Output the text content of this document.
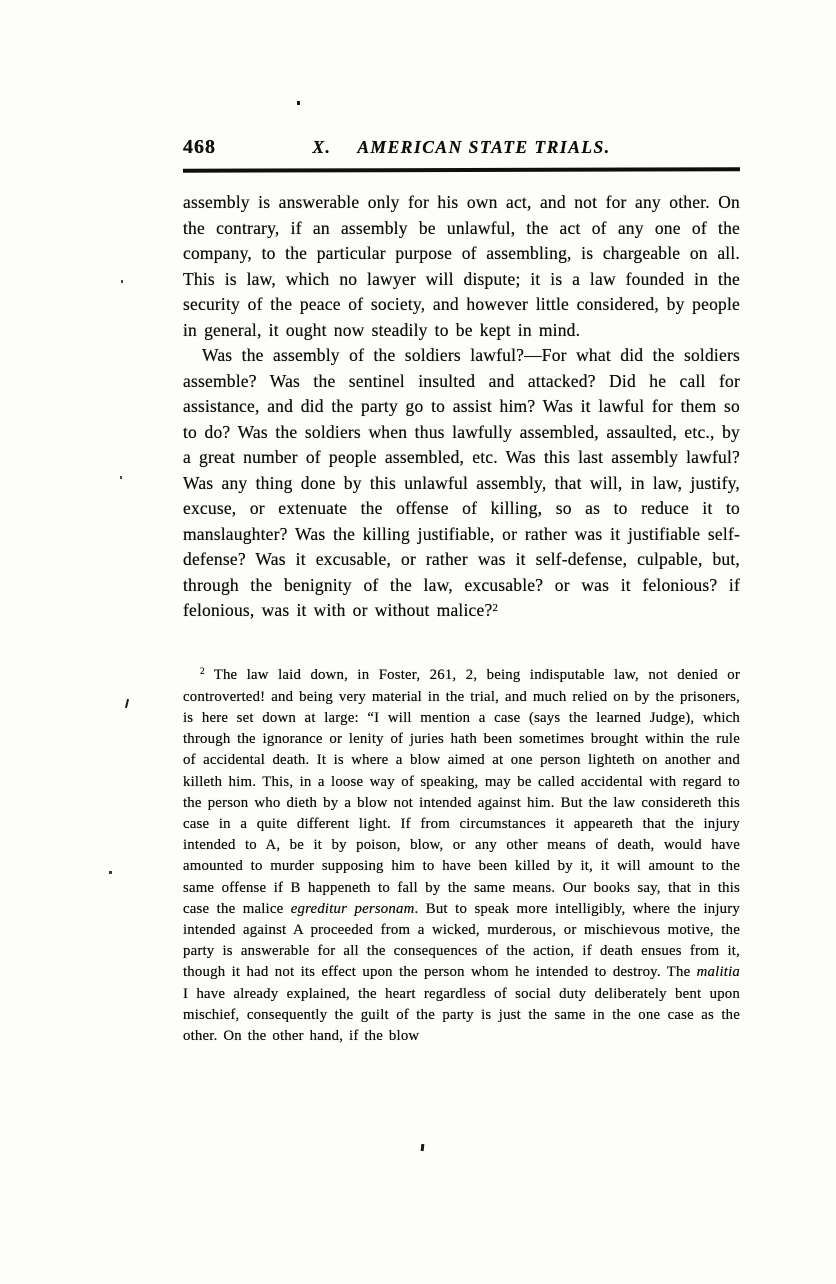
468	X. AMERICAN STATE TRIALS.

assembly is answerable only for his own act, and not for any other. On the contrary, if an assembly be unlawful, the act of any one of the company, to the particular purpose of assembling, is chargeable on all. This is law, which no lawyer will dispute; it is a law founded in the security of the peace of society, and however little considered, by people in general, it ought now steadily to be kept in mind.

Was the assembly of the soldiers lawful?—For what did the soldiers assemble? Was the sentinel insulted and attacked? Did he call for assistance, and did the party go to assist him? Was it lawful for them so to do? Was the soldiers when thus lawfully assembled, assaulted, etc., by a great number of people assembled, etc. Was this last assembly lawful? Was any thing done by this unlawful assembly, that will, in law, justify, excuse, or extenuate the offense of killing, so as to reduce it to manslaughter? Was the killing justifiable, or rather was it justifiable self-defense? Was it excusable, or rather was it self-defense, culpable, but, through the benignity of the law, excusable? or was it felonious? if felonious, was it with or without malice?$^2$

$^2$ The law laid down, in Foster, 261, 2, being indisputable law, not denied or controverted! and being very material in the trial, and much relied on by the prisoners, is here set down at large: “I will mention a case (says the learned Judge), which through the ignorance or lenity of juries hath been sometimes brought within the rule of accidental death. It is where a blow aimed at one person lighteth on another and killeth him. This, in a loose way of speaking, may be called accidental with regard to the person who dieth by a blow not intended against him. But the law considereth this case in a quite different light. If from circumstances it appeareth that the injury intended to A, be it by poison, blow, or any other means of death, would have amounted to murder supposing him to have been killed by it, it will amount to the same offense if B happeneth to fall by the same means. Our books say, that in this case the malice egreditur personam. But to speak more intelligibly, where the injury intended against A proceeded from a wicked, murderous, or mischievous motive, the party is answerable for all the consequences of the action, if death ensues from it, though it had not its effect upon the person whom he intended to destroy. The malitia I have already explained, the heart regardless of social duty deliberately bent upon mischief, consequently the guilt of the party is just the same in the one case as the other. On the other hand, if the blow
